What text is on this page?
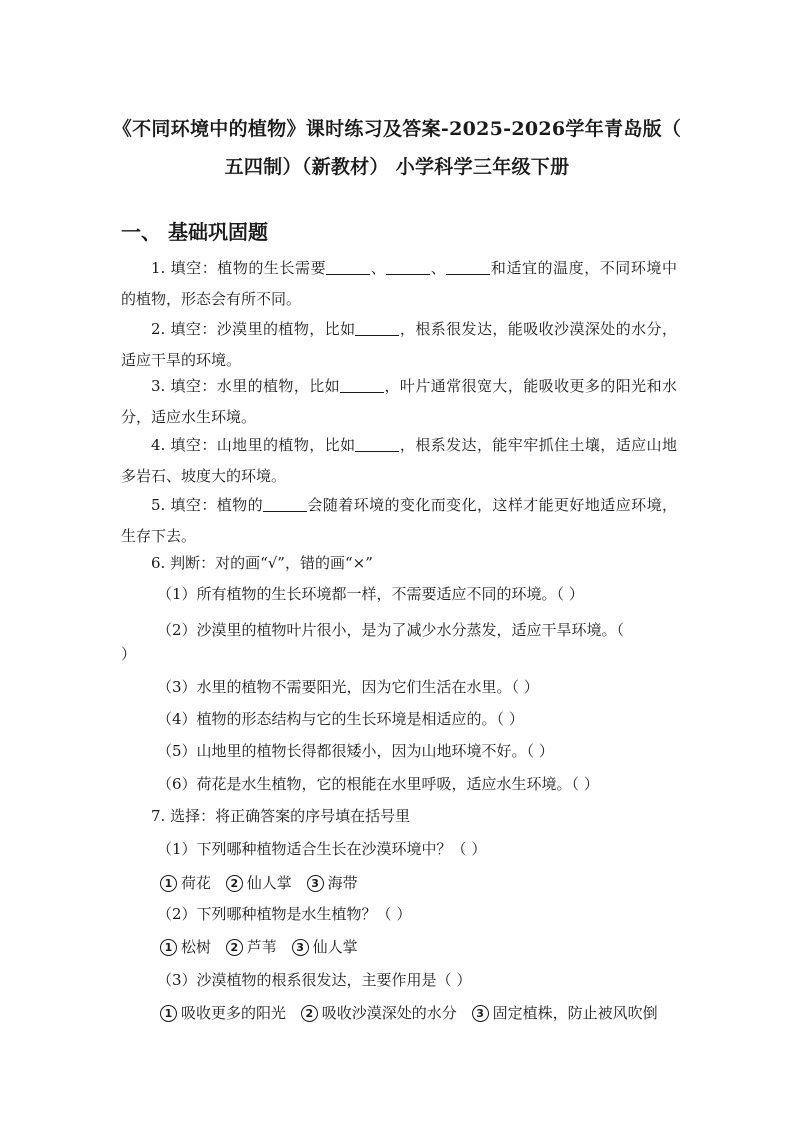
《不同环境中的植物》课时练习及答案-2025-2026学年青岛版（
五四制）（新教材） 小学科学三年级下册
一、 基础巩固题
1. 填空：植物的生长需要	、	、	和适宜的温度，不同环境中的植物，形态会有所不同。
2. 填空：沙漠里的植物，比如	，根系很发达，能吸收沙漠深处的水分，适应干旱的环境。
3. 填空：水里的植物，比如	，叶片通常很宽大，能吸收更多的阳光和水分，适应水生环境。
4. 填空：山地里的植物，比如	，根系发达，能牢牢抓住土壤，适应山地多岩石、坡度大的环境。
5. 填空：植物的	会随着环境的变化而变化，这样才能更好地适应环境，生存下去。
6. 判断：对的画“√”，错的画“×”
（1）所有植物的生长环境都一样，不需要适应不同的环境。（ ）
（2）沙漠里的植物叶片很小，是为了减少水分蒸发，适应干旱环境。（
）
（3）水里的植物不需要阳光，因为它们生活在水里。（ ）
（4）植物的形态结构与它的生长环境是相适应的。（ ）
（5）山地里的植物长得都很矮小，因为山地环境不好。（ ）
（6）荷花是水生植物，它的根能在水里呼吸，适应水生环境。（ ）
7. 选择：将正确答案的序号填在括号里
（1）下列哪种植物适合生长在沙漠环境中？（ ）
1 荷花 2 仙人掌 3 海带
（2）下列哪种植物是水生植物？（ ）
1 松树 2 芦苇 3 仙人掌
（3）沙漠植物的根系很发达，主要作用是（ ）
1 吸收更多的阳光 2 吸收沙漠深处的水分 3 固定植株，防止被风吹倒
